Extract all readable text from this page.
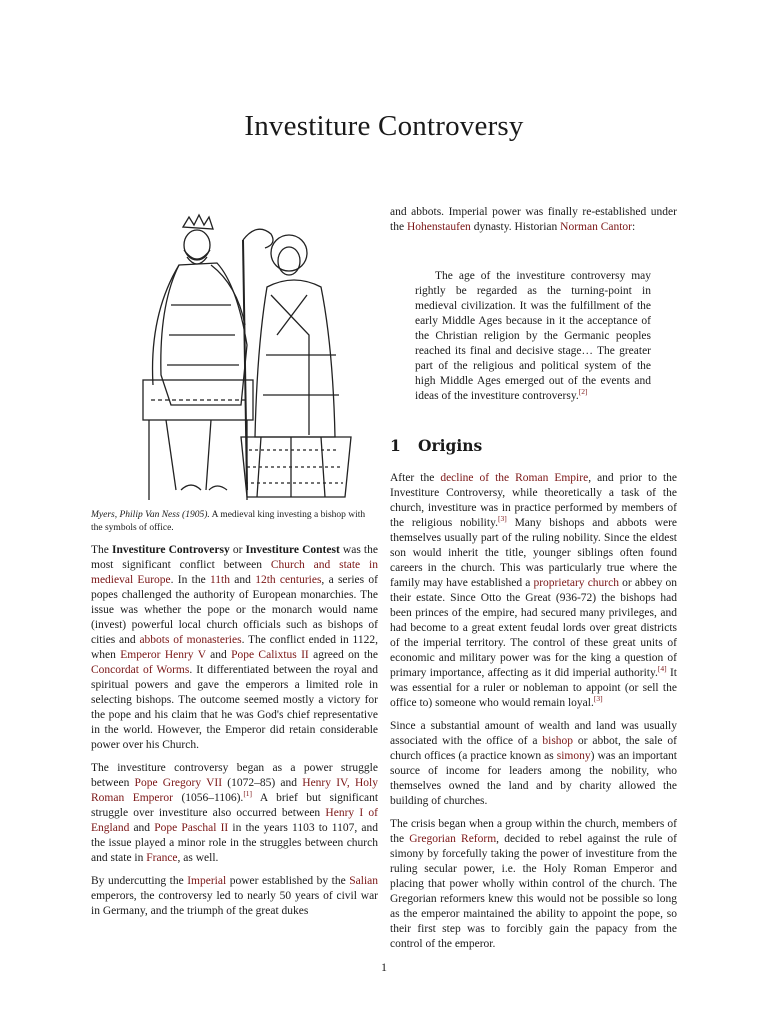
Investiture Controversy

Myers, Philip Van Ness (1905). A medieval king investing a bishop with the symbols of office.

The Investiture Controversy or Investiture Contest was the most significant conflict between Church and state in medieval Europe. In the 11th and 12th centuries, a series of popes challenged the authority of European monarchies. The issue was whether the pope or the monarch would name (invest) powerful local church officials such as bishops of cities and abbots of monasteries. The conflict ended in 1122, when Emperor Henry V and Pope Calixtus II agreed on the Concordat of Worms. It differentiated between the royal and spiritual powers and gave the emperors a limited role in selecting bishops. The outcome seemed mostly a victory for the pope and his claim that he was God's chief representative in the world. However, the Emperor did retain considerable power over his Church.

The investiture controversy began as a power struggle between Pope Gregory VII (1072–85) and Henry IV, Holy Roman Emperor (1056–1106).[1] A brief but significant struggle over investiture also occurred between Henry I of England and Pope Paschal II in the years 1103 to 1107, and the issue played a minor role in the struggles between church and state in France, as well.

By undercutting the Imperial power established by the Salian emperors, the controversy led to nearly 50 years of civil war in Germany, and the triumph of the great dukes

and abbots. Imperial power was finally re-established under the Hohenstaufen dynasty. Historian Norman Cantor:

The age of the investiture controversy may rightly be regarded as the turning-point in medieval civilization. It was the fulfillment of the early Middle Ages because in it the acceptance of the Christian religion by the Germanic peoples reached its final and decisive stage… The greater part of the religious and political system of the high Middle Ages emerged out of the events and ideas of the investiture controversy.[2]

1 Origins

After the decline of the Roman Empire, and prior to the Investiture Controversy, while theoretically a task of the church, investiture was in practice performed by members of the religious nobility.[3] Many bishops and abbots were themselves usually part of the ruling nobility. Since the eldest son would inherit the title, younger siblings often found careers in the church. This was particularly true where the family may have established a proprietary church or abbey on their estate. Since Otto the Great (936-72) the bishops had been princes of the empire, had secured many privileges, and had become to a great extent feudal lords over great districts of the imperial territory. The control of these great units of economic and military power was for the king a question of primary importance, affecting as it did imperial authority.[4] It was essential for a ruler or nobleman to appoint (or sell the office to) someone who would remain loyal.[3]

Since a substantial amount of wealth and land was usually associated with the office of a bishop or abbot, the sale of church offices (a practice known as simony) was an important source of income for leaders among the nobility, who themselves owned the land and by charity allowed the building of churches.

The crisis began when a group within the church, members of the Gregorian Reform, decided to rebel against the rule of simony by forcefully taking the power of investiture from the ruling secular power, i.e. the Holy Roman Emperor and placing that power wholly within control of the church. The Gregorian reformers knew this would not be possible so long as the emperor maintained the ability to appoint the pope, so their first step was to forcibly gain the papacy from the control of the emperor.

1
